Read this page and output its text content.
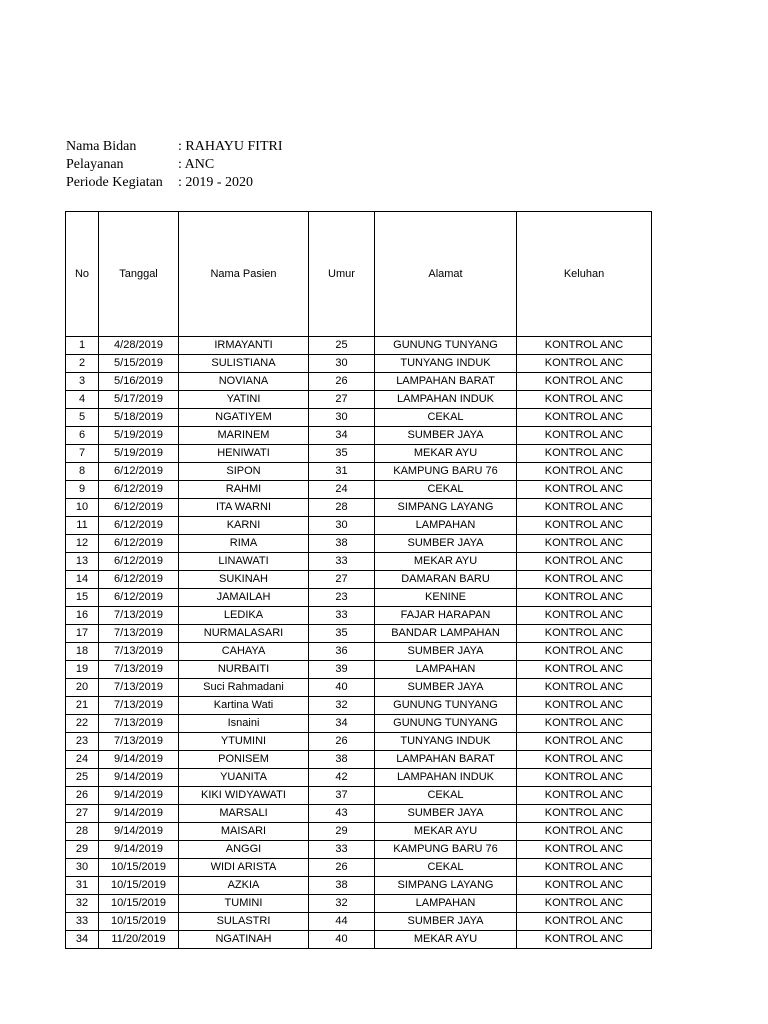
Nama Bidan	: RAHAYU FITRI
Pelayanan	: ANC
Periode Kegiatan	: 2019 - 2020
No	Tanggal	Nama Pasien	Umur	Alamat	Keluhan
1	4/28/2019	IRMAYANTI	25	GUNUNG TUNYANG	KONTROL ANC
2	5/15/2019	SULISTIANA	30	TUNYANG INDUK	KONTROL ANC
3	5/16/2019	NOVIANA	26	LAMPAHAN BARAT	KONTROL ANC
4	5/17/2019	YATINI	27	LAMPAHAN INDUK	KONTROL ANC
5	5/18/2019	NGATIYEM	30	CEKAL	KONTROL ANC
6	5/19/2019	MARINEM	34	SUMBER JAYA	KONTROL ANC
7	5/19/2019	HENIWATI	35	MEKAR AYU	KONTROL ANC
8	6/12/2019	SIPON	31	KAMPUNG BARU 76	KONTROL ANC
9	6/12/2019	RAHMI	24	CEKAL	KONTROL ANC
10	6/12/2019	ITA WARNI	28	SIMPANG LAYANG	KONTROL ANC
11	6/12/2019	KARNI	30	LAMPAHAN	KONTROL ANC
12	6/12/2019	RIMA	38	SUMBER JAYA	KONTROL ANC
13	6/12/2019	LINAWATI	33	MEKAR AYU	KONTROL ANC
14	6/12/2019	SUKINAH	27	DAMARAN BARU	KONTROL ANC
15	6/12/2019	JAMAILAH	23	KENINE	KONTROL ANC
16	7/13/2019	LEDIKA	33	FAJAR HARAPAN	KONTROL ANC
17	7/13/2019	NURMALASARI	35	BANDAR LAMPAHAN	KONTROL ANC
18	7/13/2019	CAHAYA	36	SUMBER JAYA	KONTROL ANC
19	7/13/2019	NURBAITI	39	LAMPAHAN	KONTROL ANC
20	7/13/2019	Suci Rahmadani	40	SUMBER JAYA	KONTROL ANC
21	7/13/2019	Kartina Wati	32	GUNUNG TUNYANG	KONTROL ANC
22	7/13/2019	Isnaini	34	GUNUNG TUNYANG	KONTROL ANC
23	7/13/2019	YTUMINI	26	TUNYANG INDUK	KONTROL ANC
24	9/14/2019	PONISEM	38	LAMPAHAN BARAT	KONTROL ANC
25	9/14/2019	YUANITA	42	LAMPAHAN INDUK	KONTROL ANC
26	9/14/2019	KIKI WIDYAWATI	37	CEKAL	KONTROL ANC
27	9/14/2019	MARSALI	43	SUMBER JAYA	KONTROL ANC
28	9/14/2019	MAISARI	29	MEKAR AYU	KONTROL ANC
29	9/14/2019	ANGGI	33	KAMPUNG BARU 76	KONTROL ANC
30	10/15/2019	WIDI ARISTA	26	CEKAL	KONTROL ANC
31	10/15/2019	AZKIA	38	SIMPANG LAYANG	KONTROL ANC
32	10/15/2019	TUMINI	32	LAMPAHAN	KONTROL ANC
33	10/15/2019	SULASTRI	44	SUMBER JAYA	KONTROL ANC
34	11/20/2019	NGATINAH	40	MEKAR AYU	KONTROL ANC
